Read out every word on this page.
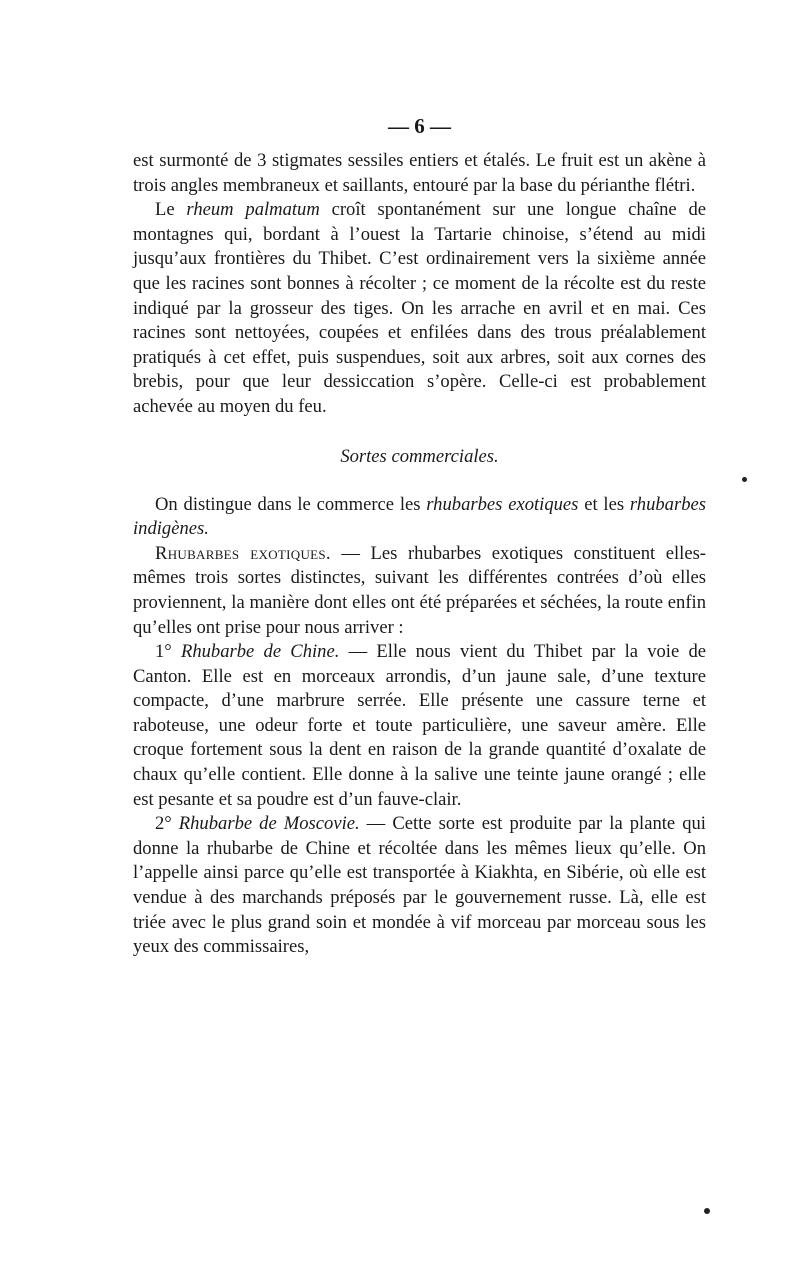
— 6 —

est surmonté de 3 stigmates sessiles entiers et étalés. Le fruit est un akène à trois angles membraneux et saillants, entouré par la base du périanthe flétri.

Le rheum palmatum croît spontanément sur une longue chaîne de montagnes qui, bordant à l’ouest la Tartarie chinoise, s’étend au midi jusqu’aux frontières du Thibet. C’est ordinairement vers la sixième année que les racines sont bonnes à récolter ; ce moment de la récolte est du reste indiqué par la grosseur des tiges. On les arrache en avril et en mai. Ces racines sont nettoyées, coupées et enfilées dans des trous préalablement pratiqués à cet effet, puis suspendues, soit aux arbres, soit aux cornes des brebis, pour que leur dessiccation s’opère. Celle-ci est probablement achevée au moyen du feu.

Sortes commerciales.

On distingue dans le commerce les rhubarbes exotiques et les rhubarbes indigènes.

Rhubarbes exotiques. — Les rhubarbes exotiques constituent elles-mêmes trois sortes distinctes, suivant les différentes contrées d’où elles proviennent, la manière dont elles ont été préparées et séchées, la route enfin qu’elles ont prise pour nous arriver :

1° Rhubarbe de Chine. — Elle nous vient du Thibet par la voie de Canton. Elle est en morceaux arrondis, d’un jaune sale, d’une texture compacte, d’une marbrure serrée. Elle présente une cassure terne et raboteuse, une odeur forte et toute particulière, une saveur amère. Elle croque fortement sous la dent en raison de la grande quantité d’oxalate de chaux qu’elle contient. Elle donne à la salive une teinte jaune orangé ; elle est pesante et sa poudre est d’un fauve-clair.

2° Rhubarbe de Moscovie. — Cette sorte est produite par la plante qui donne la rhubarbe de Chine et récoltée dans les mêmes lieux qu’elle. On l’appelle ainsi parce qu’elle est transportée à Kiakhta, en Sibérie, où elle est vendue à des marchands préposés par le gouvernement russe. Là, elle est triée avec le plus grand soin et mondée à vif morceau par morceau sous les yeux des commissaires,
